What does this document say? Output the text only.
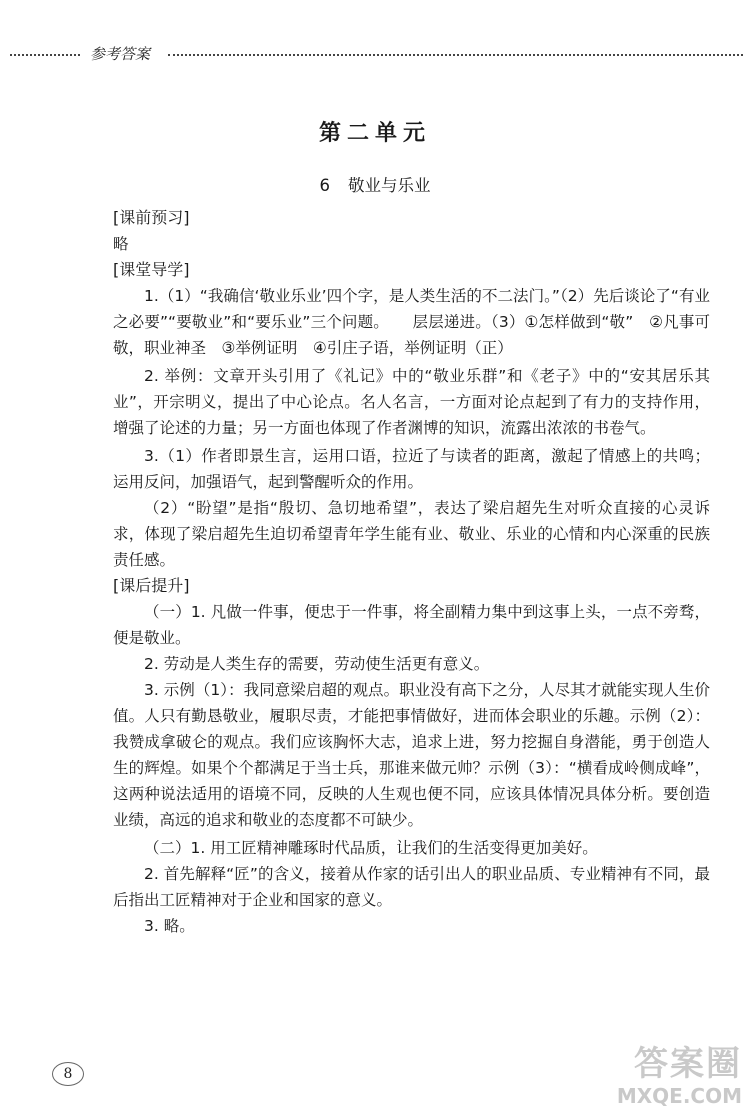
参考答案
第二单元
6 敬业与乐业
[课前预习]
略
[课堂导学]
1.（1）“我确信‘敬业乐业’四个字，是人类生活的不二法门。”（2）先后谈论了“有业之必要”“要敬业”和“要乐业”三个问题。　　层层递进。（3）①怎样做到“敬”　②凡事可敬，职业神圣　③举例证明　④引庄子语，举例证明（正）
2. 举例：文章开头引用了《礼记》中的“敬业乐群”和《老子》中的“安其居乐其业”，开宗明义，提出了中心论点。名人名言，一方面对论点起到了有力的支持作用，增强了论述的力量；另一方面也体现了作者渊博的知识，流露出浓浓的书卷气。
3.（1）作者即景生言，运用口语，拉近了与读者的距离，激起了情感上的共鸣；运用反问，加强语气，起到警醒听众的作用。
（2）“盼望”是指“殷切、急切地希望”，表达了梁启超先生对听众直接的心灵诉求，体现了梁启超先生迫切希望青年学生能有业、敬业、乐业的心情和内心深重的民族责任感。
[课后提升]
（一）1. 凡做一件事，便忠于一件事，将全副精力集中到这事上头，一点不旁骛，便是敬业。
2. 劳动是人类生存的需要，劳动使生活更有意义。
3. 示例（1）：我同意梁启超的观点。职业没有高下之分，人尽其才就能实现人生价值。人只有勤恳敬业，履职尽责，才能把事情做好，进而体会职业的乐趣。示例（2）：我赞成拿破仑的观点。我们应该胸怀大志，追求上进，努力挖掘自身潜能，勇于创造人生的辉煌。如果个个都满足于当士兵，那谁来做元帅？示例（3）：“横看成岭侧成峰”，这两种说法适用的语境不同，反映的人生观也便不同，应该具体情况具体分析。要创造业绩，高远的追求和敬业的态度都不可缺少。
（二）1. 用工匠精神雕琢时代品质，让我们的生活变得更加美好。
2. 首先解释“匠”的含义，接着从作家的话引出人的职业品质、专业精神有不同，最后指出工匠精神对于企业和国家的意义。
3. 略。
8	答案圈
MXQE.COM
